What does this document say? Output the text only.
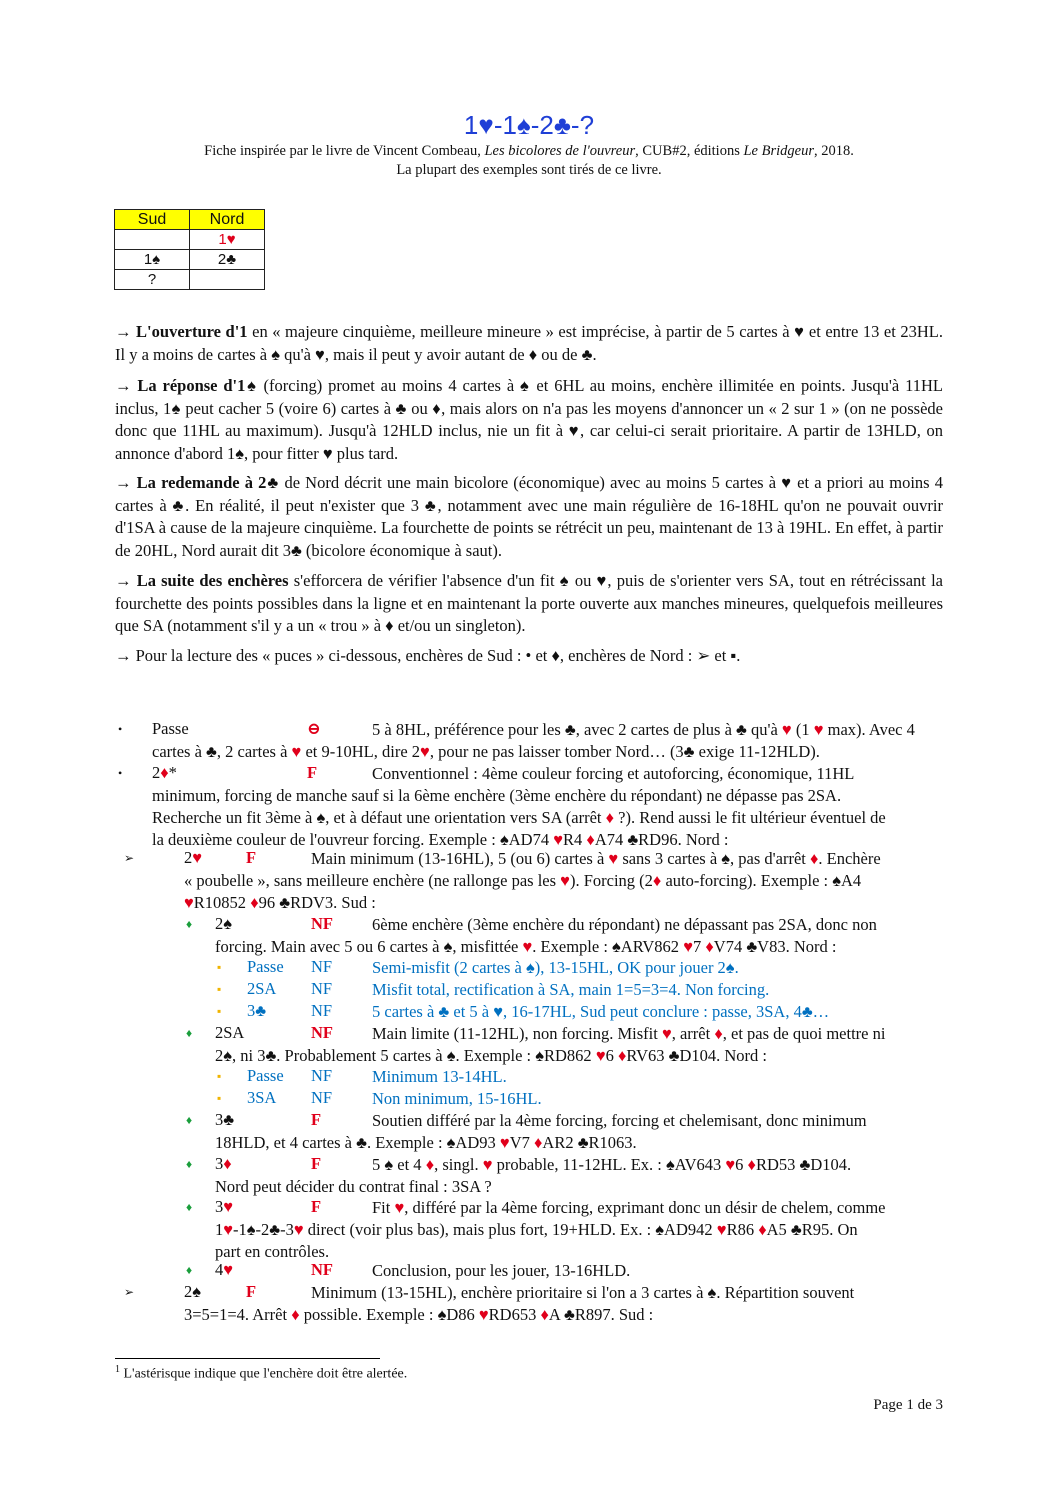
1♥-1♠-2♣-?
Fiche inspirée par le livre de Vincent Combeau, Les bicolores de l'ouvreur, CUB#2, éditions Le Bridgeur, 2018.
La plupart des exemples sont tirés de ce livre.
Sud	Nord
	1♥
1♠	2♣
?	
→ L'ouverture d'1 en « majeure cinquième, meilleure mineure » est imprécise, à partir de 5 cartes à ♥ et entre 13 et 23HL. Il y a moins de cartes à ♠ qu'à ♥, mais il peut y avoir autant de ♦ ou de ♣.
→ La réponse d'1♠ (forcing) promet au moins 4 cartes à ♠ et 6HL au moins, enchère illimitée en points. Jusqu'à 11HL inclus, 1♠ peut cacher 5 (voire 6) cartes à ♣ ou ♦, mais alors on n'a pas les moyens d'annoncer un « 2 sur 1 » (on ne possède donc que 11HL au maximum). Jusqu'à 12HLD inclus, nie un fit à ♥, car celui-ci serait prioritaire. A partir de 13HLD, on annonce d'abord 1♠, pour fitter ♥ plus tard.
→ La redemande à 2♣ de Nord décrit une main bicolore (économique) avec au moins 5 cartes à ♥ et a priori au moins 4 cartes à ♣. En réalité, il peut n'exister que 3 ♣, notamment avec une main régulière de 16-18HL qu'on ne pouvait ouvrir d'1SA à cause de la majeure cinquième. La fourchette de points se rétrécit un peu, maintenant de 13 à 19HL. En effet, à partir de 20HL, Nord aurait dit 3♣ (bicolore économique à saut).
→ La suite des enchères s'efforcera de vérifier l'absence d'un fit ♠ ou ♥, puis de s'orienter vers SA, tout en rétrécissant la fourchette des points possibles dans la ligne et en maintenant la porte ouverte aux manches mineures, quelquefois meilleures que SA (notamment s'il y a un « trou » à ♦ et/ou un singleton).
→ Pour la lecture des « puces » ci-dessous, enchères de Sud : • et ♦, enchères de Nord : ➢ et ▪.
• Passe	⊖	5 à 8HL, préférence pour les ♣, avec 2 cartes de plus à ♣ qu'à ♥ (1 ♥ max). Avec 4
cartes à ♣, 2 cartes à ♥ et 9-10HL, dire 2♥, pour ne pas laisser tomber Nord… (3♣ exige 11-12HLD).
• 2♦*	F	Conventionnel : 4ème couleur forcing et autoforcing, économique, 11HL
minimum, forcing de manche sauf si la 6ème enchère (3ème enchère du répondant) ne dépasse pas 2SA.
Recherche un fit 3ème à ♠, et à défaut une orientation vers SA (arrêt ♦ ?). Rend aussi le fit ultérieur éventuel de
la deuxième couleur de l'ouvreur forcing. Exemple : ♠AD74 ♥R4 ♦A74 ♣RD96. Nord :
➢	2♥	F	Main minimum (13-16HL), 5 (ou 6) cartes à ♥ sans 3 cartes à ♠, pas d'arrêt ♦. Enchère
« poubelle », sans meilleure enchère (ne rallonge pas les ♥). Forcing (2♦ auto-forcing). Exemple : ♠A4
♥R10852 ♦96 ♣RDV3. Sud :
♦ 2♠	NF 6ème enchère (3ème enchère du répondant) ne dépassant pas 2SA, donc non
forcing. Main avec 5 ou 6 cartes à ♠, misfittée ♥. Exemple : ♠ARV862 ♥7 ♦V74 ♣V83. Nord :
▪ Passe NF Semi-misfit (2 cartes à ♠), 13-15HL, OK pour jouer 2♠.
▪ 2SA NF Misfit total, rectification à SA, main 1=5=3=4. Non forcing.
▪ 3♣	NF 5 cartes à ♣ et 5 à ♥, 16-17HL, Sud peut conclure : passe, 3SA, 4♣…
♦ 2SA	NF Main limite (11-12HL), non forcing. Misfit ♥, arrêt ♦, et pas de quoi mettre ni
2♠, ni 3♣. Probablement 5 cartes à ♠. Exemple : ♠RD862 ♥6 ♦RV63 ♣D104. Nord :
▪ Passe NF Minimum 13-14HL.
▪ 3SA NF Non minimum, 15-16HL.
♦ 3♣	F	Soutien différé par la 4ème forcing, forcing et chelemisant, donc minimum
18HLD, et 4 cartes à ♣. Exemple : ♠AD93 ♥V7 ♦AR2 ♣R1063.
♦ 3♦	F	5 ♠ et 4 ♦, singl. ♥ probable, 11-12HL. Ex. : ♠AV643 ♥6 ♦RD53 ♣D104.
Nord peut décider du contrat final : 3SA ?
♦ 3♥	F	Fit ♥, différé par la 4ème forcing, exprimant donc un désir de chelem, comme
1♥-1♠-2♣-3♥ direct (voir plus bas), mais plus fort, 19+HLD. Ex. : ♠AD942 ♥R86 ♦A5 ♣R95. On
part en contrôles.
♦ 4♥	NF Conclusion, pour les jouer, 13-16HLD.
➢	2♠	F	Minimum (13-15HL), enchère prioritaire si l'on a 3 cartes à ♠. Répartition souvent
3=5=1=4. Arrêt ♦ possible. Exemple : ♠D86 ♥RD653 ♦A ♣R897. Sud :
$^1$ L'astérisque indique que l'enchère doit être alertée.
Page 1 de 3
